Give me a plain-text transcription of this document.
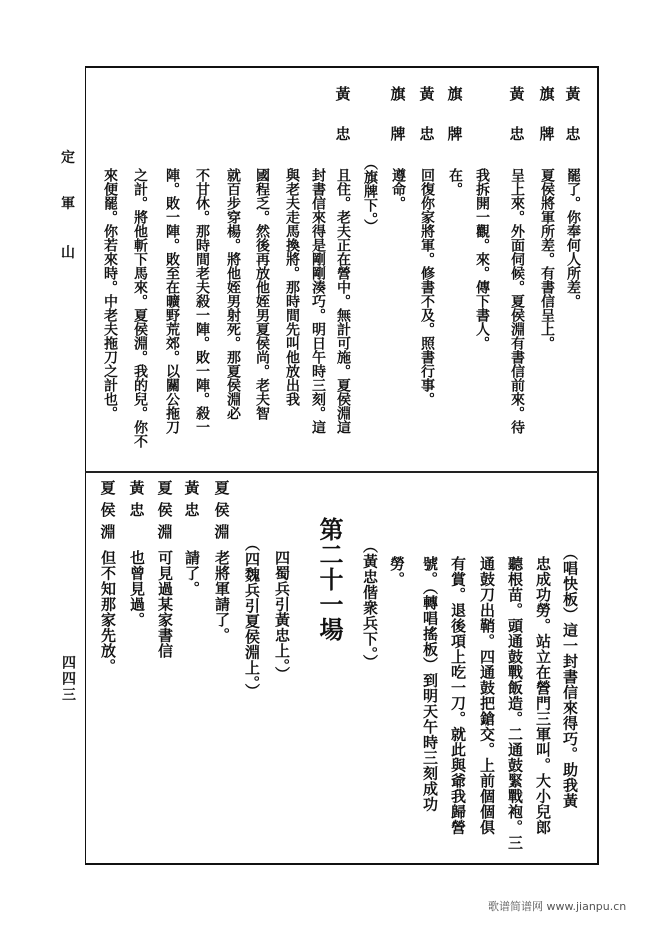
定
軍
山
四四三
黃
忠
罷了。你奉何人所差。
旗
牌
夏侯將軍所差。有書信呈上。
黃
忠
呈上來。外面伺候。夏侯淵有書信前來。待
我拆開一觀。來。傳下書人。
旗
牌
在。
黃
忠
回復你家將軍。修書不及。照書行事。
旗
牌
遵命。
（旗牌下。）
黃
忠
且住。老夫正在營中。無計可施。夏侯淵這
封書信來得是剛剛湊巧。明日午時三刻。這
與老夫走馬換將。那時間先叫他放出我
國程乏。然後再放他姪男夏侯尚。老夫智
就百步穿楊。將他姪男射死。那夏侯淵必
不甘休。那時間老夫殺一陣。敗一陣。殺一
陣。敗一陣。敗至在曠野荒郊。以關公拖刀
之計。將他斬下馬來。夏侯淵。我的兒。你不
來便罷。你若來時。中老夫拖刀之計也。
（唱快板）這一封書信來得巧。助我黃
忠成功勞。站立在營門三軍叫。大小兒郎
聽根苗。頭通鼓戰飯造。二通鼓緊戰袍。三
通鼓刀出鞘。四通鼓把鎗交。上前個個俱
有賞。退後項上吃一刀。就此與爺我歸營
號。（轉唱搖板）到明天午時三刻成功
勞。
（黃忠偕衆兵下。）
四蜀兵引黃忠上。）
（四魏兵引夏侯淵上。）
夏
侯
淵
老將軍請了。
黃
忠
請了。
夏
侯
淵
可見過某家書信
黃
忠
也曾見過。
夏
侯
淵
但不知那家先放。	第二十一場
歌谱简谱网 www.jianpu.cn
